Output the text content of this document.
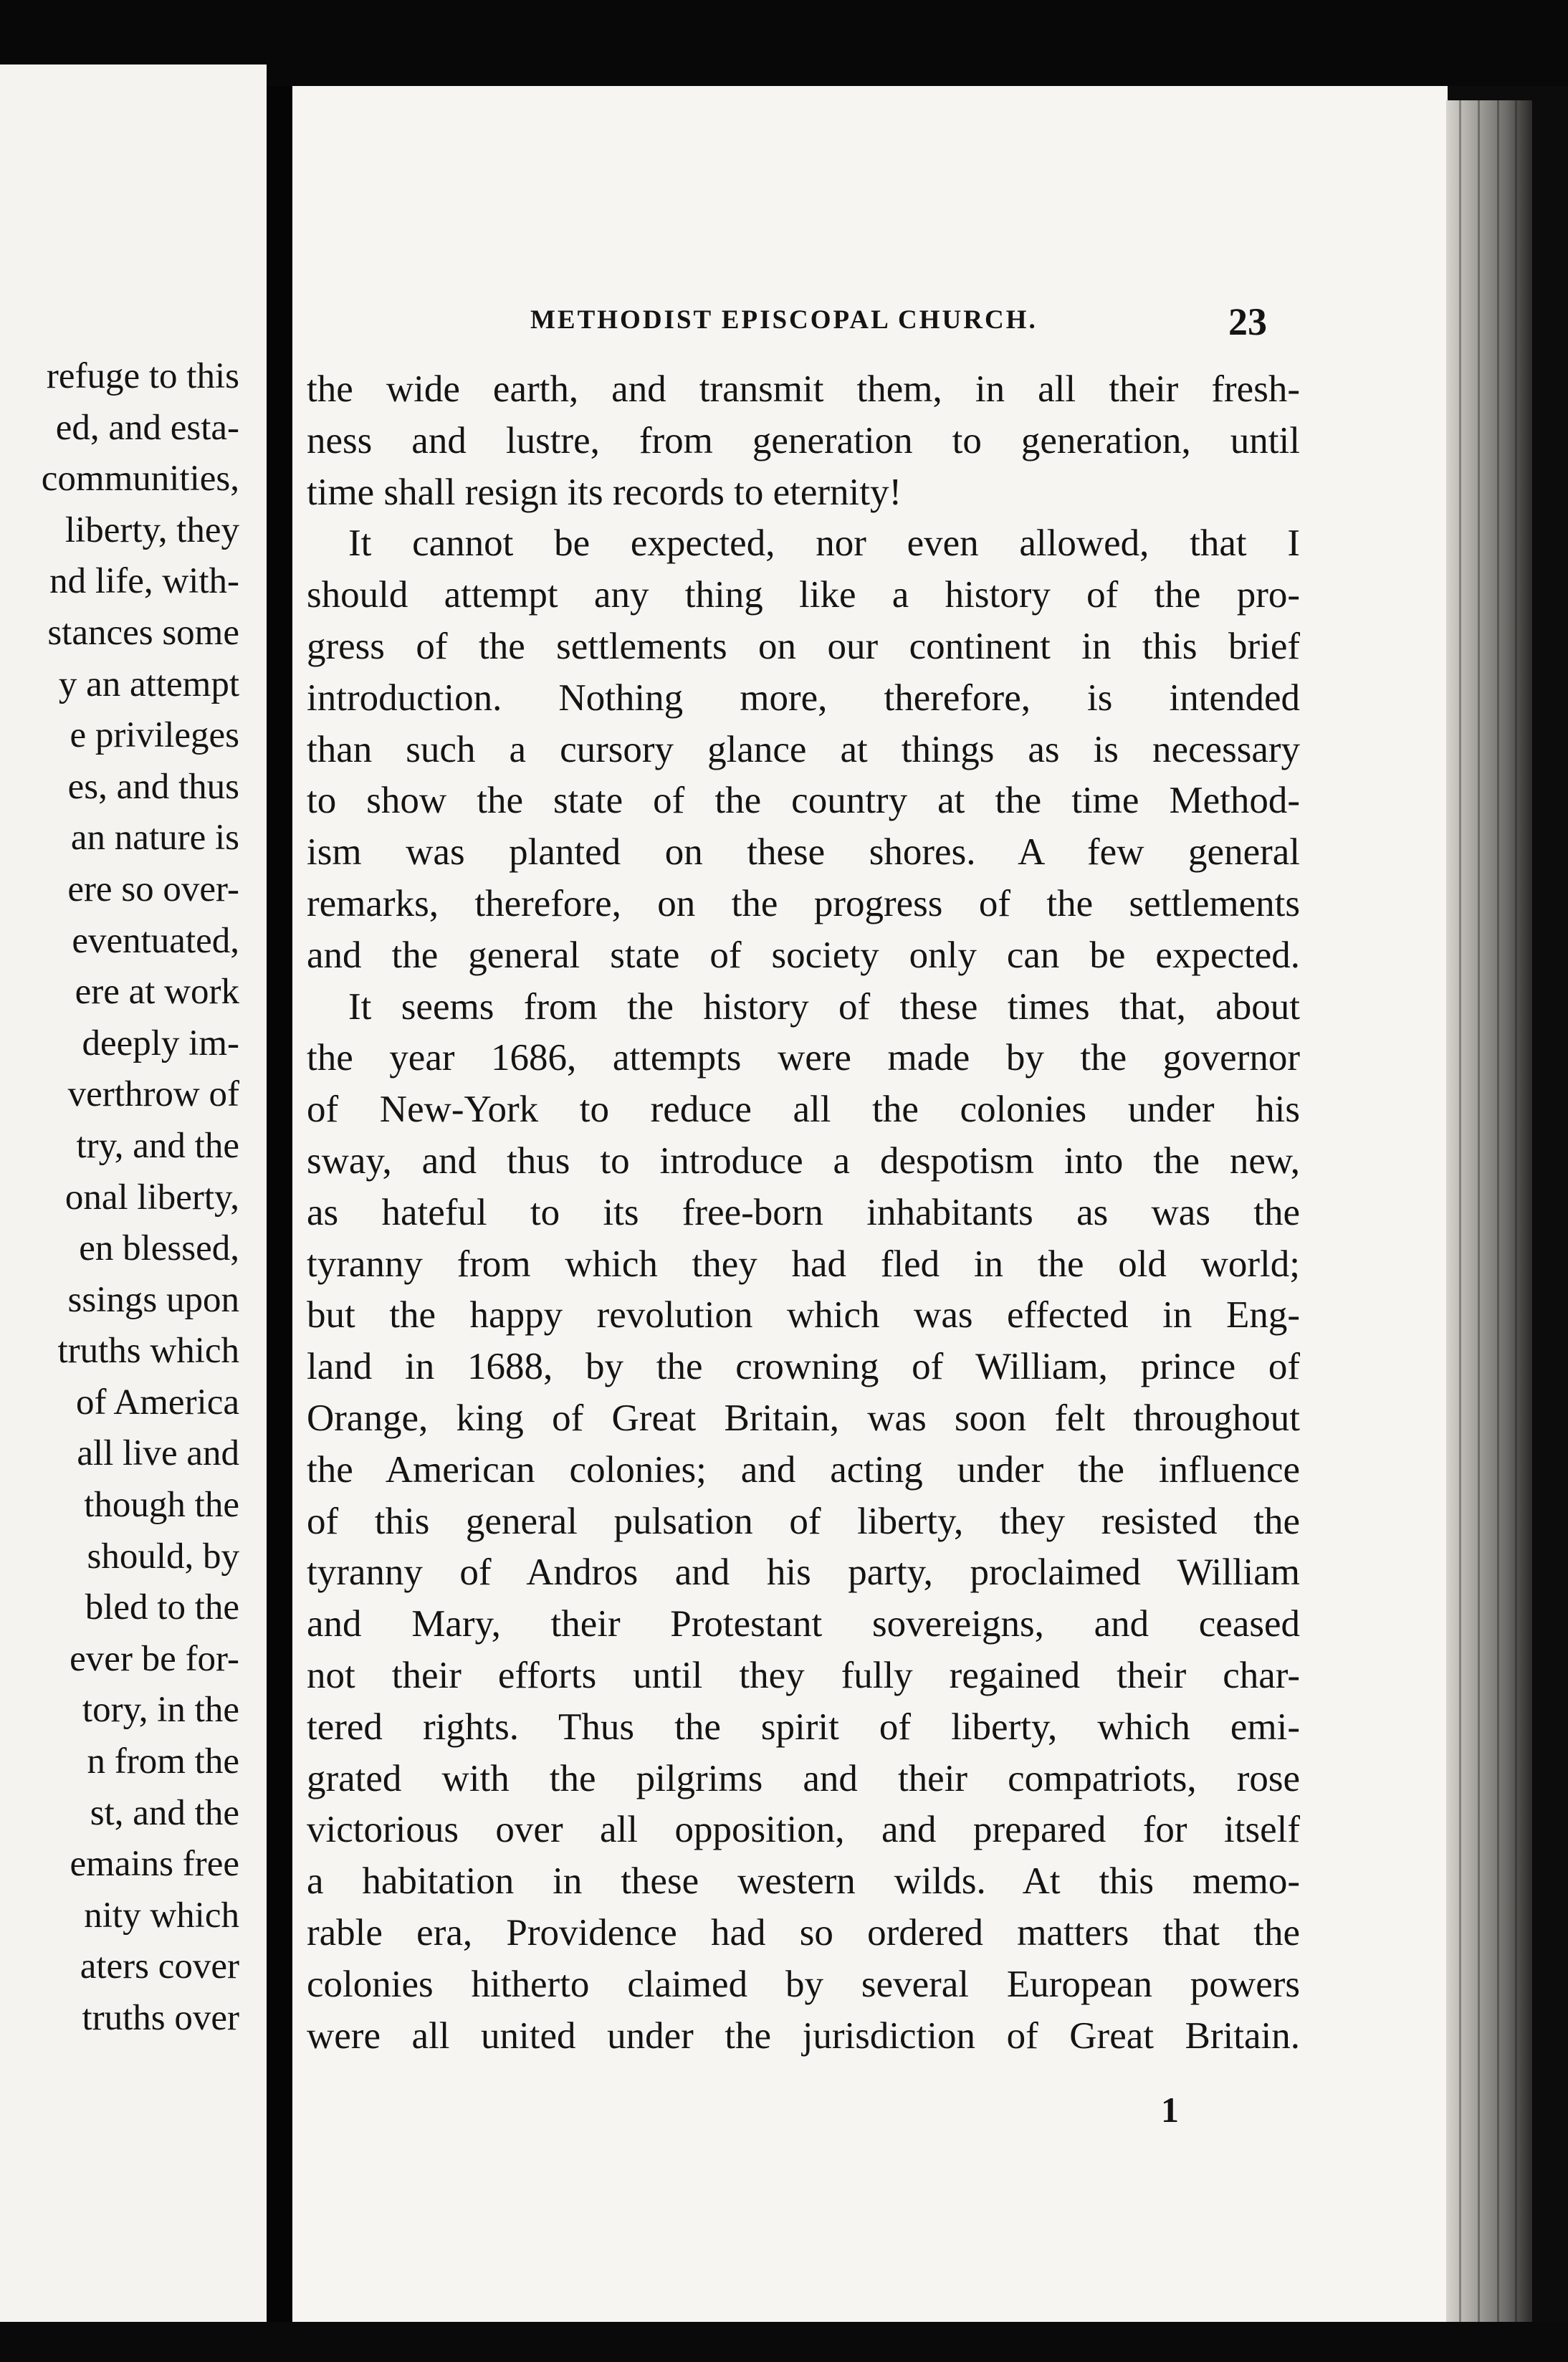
refuge to this
ed, and esta-
communities,
liberty, they
nd life, with-
stances some
y an attempt
e privileges
es, and thus
an nature is
ere so over-
eventuated,
ere at work
deeply im-
verthrow of
try, and the
onal liberty,
en blessed,
ssings upon
truths which
of America
all live and
though the
should, by
bled to the
ever be for-
tory, in the
n from the
st, and the
emains free
nity which
aters cover
truths over
METHODIST EPISCOPAL CHURCH.	23
the wide earth, and transmit them, in all their fresh-
ness and lustre, from generation to generation, until
time shall resign its records to eternity!
It cannot be expected, nor even allowed, that I
should attempt any thing like a history of the pro-
gress of the settlements on our continent in this brief
introduction. Nothing more, therefore, is intended
than such a cursory glance at things as is necessary
to show the state of the country at the time Method-
ism was planted on these shores. A few general
remarks, therefore, on the progress of the settlements
and the general state of society only can be expected.
It seems from the history of these times that, about
the year 1686, attempts were made by the governor
of New-York to reduce all the colonies under his
sway, and thus to introduce a despotism into the new,
as hateful to its free-born inhabitants as was the
tyranny from which they had fled in the old world;
but the happy revolution which was effected in Eng-
land in 1688, by the crowning of William, prince of
Orange, king of Great Britain, was soon felt throughout
the American colonies; and acting under the influence
of this general pulsation of liberty, they resisted the
tyranny of Andros and his party, proclaimed William
and Mary, their Protestant sovereigns, and ceased
not their efforts until they fully regained their char-
tered rights. Thus the spirit of liberty, which emi-
grated with the pilgrims and their compatriots, rose
victorious over all opposition, and prepared for itself
a habitation in these western wilds. At this memo-
rable era, Providence had so ordered matters that the
colonies hitherto claimed by several European powers
were all united under the jurisdiction of Great Britain.
1
